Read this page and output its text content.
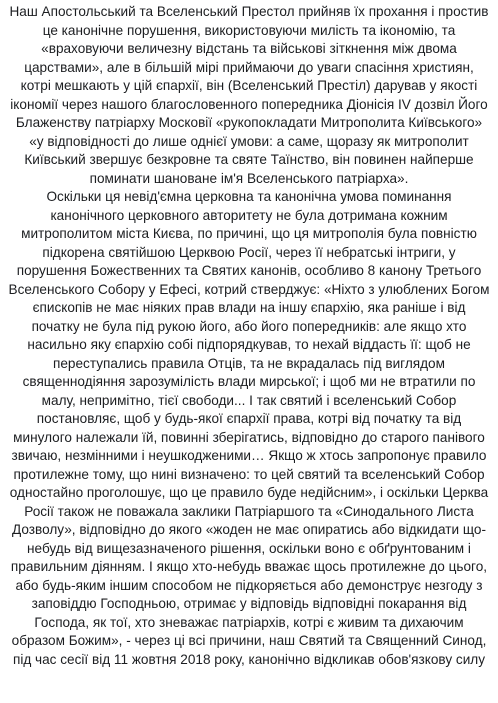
Наш Апостольський та Вселенський Престол прийняв їх прохання і простив це канонічне порушення, використовуючи милість та ікономію, та «враховуючи величезну відстань та військові зіткнення між двома царствами», але в більшій мірі приймаючи до уваги спасіння християн, котрі мешкають у цій єпархії, він (Вселенський Престіл) дарував у якості ікономії через нашого благословенного попередника Діонісія IV дозвіл Його Блаженству патріарху Московії «рукопокладати Митрополита Київського» «у відповідності до лише однієї умови: а саме, щоразу як митрополит Київський звершує безкровне та святе Таїнство, він повинен найперше поминати шанованe ім'я Вселенського патріарха».

Оскільки ця невід'ємна церковна та канонічна умова поминання канонічного церковного авторитету не була дотримана кожним митрополитом міста Києва, по причині, що ця митрополія була повністю підкорена святійшою Церквою Росії, через її небратські інтриги, у порушення Божественних та Святих канонів, особливо 8 канону Третього Вселенського Собору у Ефесі, котрий стверджує: «Ніхто з улюблених Богом єпископів не має ніяких прав влади на іншу єпархію, яка раніше і від початку не була під рукою його, або його попередників: але якщо хто насильно яку єпархію собі підпорядкував, то нехай віддасть її: щоб не переступались правила Отців, та не вкрадалась під виглядом священнодіяння зарозумілість влади мирської; і щоб ми не втратили по малу, непримітно, тієї свободи... І так святий і вселенський Собор постановляє, щоб у будь-якої єпархії права, котрі від початку та від минулого належали їй, повинні зберігатись, відповідно до старого панівого звичаю, незмінними і неушкодженими… Якщо ж хтось запропонує правило протилежне тому, що нині визначено: то цей святий та вселенський Собор одностайно проголошує, що це правило буде недійсним», і оскільки Церква Росії також не поважала заклики Патріаршого та «Синодального Листа Дозволу», відповідно до якого «жоден не має опиратись або відкидати що-небудь від вищезазначеного рішення, оскільки воно є обґрунтованим і правильним діянням. І якщо хто-небудь вважає щось протилежне до цього, або будь-яким іншим способом не підкоряється або демонструє незгоду з заповіддю Господньою, отримає у відповідь відповідні покарання від Господа, як тої, хто зневажає патріархів, котрі є живим та дихаючим образом Божим», - через ці всі причини, наш Святий та Священний Синод, під час сесії від 11 жовтня 2018 року, канонічно відкликав обов'язкову силу
